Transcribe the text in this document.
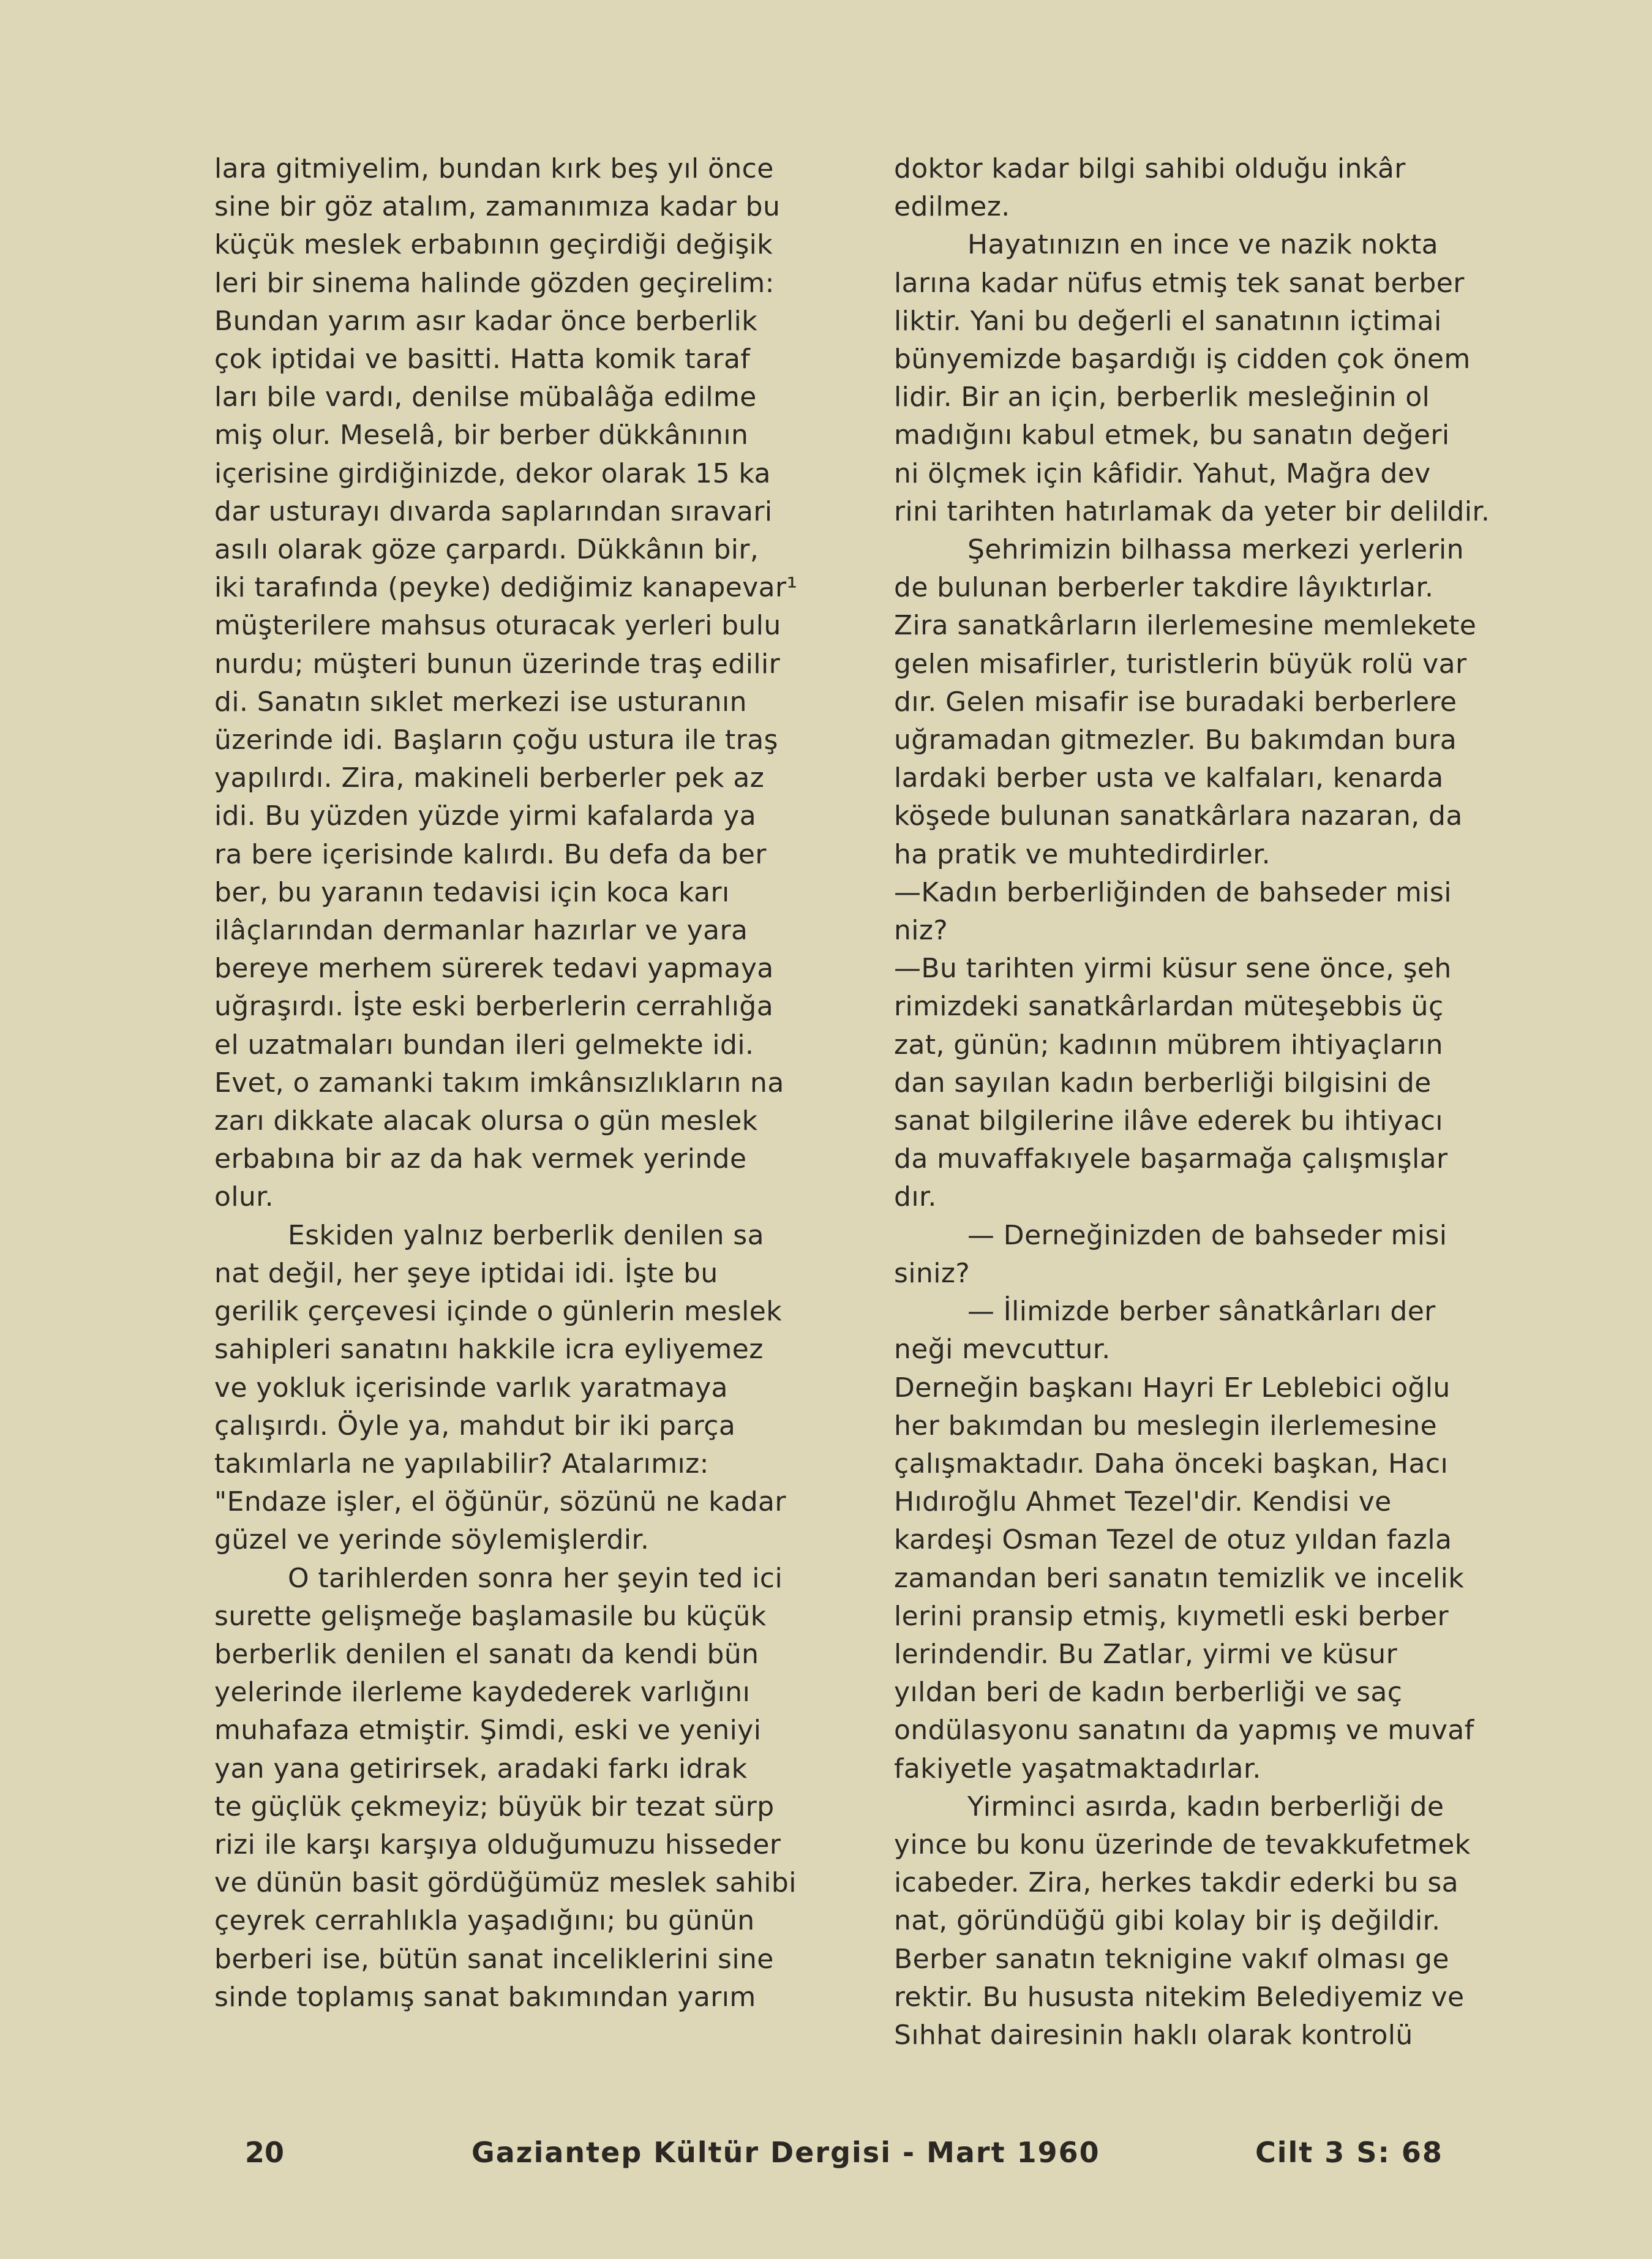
lara gitmiyelim, bundan kırk beş yıl önce
sine bir göz atalım, zamanımıza kadar bu
küçük meslek erbabının geçirdiği değişik
leri bir sinema halinde gözden geçirelim:
Bundan yarım asır kadar önce berberlik
çok iptidai ve basitti. Hatta komik taraf
ları bile vardı, denilse mübalâğa edilme
miş olur. Meselâ, bir berber dükkânının
içerisine girdiğinizde, dekor olarak 15 ka
dar usturayı dıvarda saplarından sıravari
asılı olarak göze çarpardı. Dükkânın bir,
iki tarafında (peyke) dediğimiz kanapevar¹
müşterilere mahsus oturacak yerleri bulu
nurdu; müşteri bunun üzerinde traş edilir
di. Sanatın sıklet merkezi ise usturanın
üzerinde idi. Başların çoğu ustura ile traş
yapılırdı. Zira, makineli berberler pek az
idi. Bu yüzden yüzde yirmi kafalarda ya
ra bere içerisinde kalırdı. Bu defa da ber
ber, bu yaranın tedavisi için koca karı
ilâçlarından dermanlar hazırlar ve yara
bereye merhem sürerek tedavi yapmaya
uğraşırdı. İşte eski berberlerin cerrahlığa
el uzatmaları bundan ileri gelmekte idi.
Evet, o zamanki takım imkânsızlıkların na
zarı dikkate alacak olursa o gün meslek
erbabına bir az da hak vermek yerinde
olur.
Eskiden yalnız berberlik denilen sa
nat değil, her şeye iptidai idi. İşte bu
gerilik çerçevesi içinde o günlerin meslek
sahipleri sanatını hakkile icra eyliyemez
ve yokluk içerisinde varlık yaratmaya
çalışırdı. Öyle ya, mahdut bir iki parça
takımlarla ne yapılabilir? Atalarımız:
"Endaze işler, el öğünür, sözünü ne kadar
güzel ve yerinde söylemişlerdir.
O tarihlerden sonra her şeyin ted ici
surette gelişmeğe başlamasile bu küçük
berberlik denilen el sanatı da kendi bün
yelerinde ilerleme kaydederek varlığını
muhafaza etmiştir. Şimdi, eski ve yeniyi
yan yana getirirsek, aradaki farkı idrak
te güçlük çekmeyiz; büyük bir tezat sürp
rizi ile karşı karşıya olduğumuzu hisseder
ve dünün basit gördüğümüz meslek sahibi
çeyrek cerrahlıkla yaşadığını; bu günün
berberi ise, bütün sanat inceliklerini sine
sinde toplamış sanat bakımından yarım
doktor kadar bilgi sahibi olduğu inkâr
edilmez.
Hayatınızın en ince ve nazik nokta
larına kadar nüfus etmiş tek sanat berber
liktir. Yani bu değerli el sanatının içtimai
bünyemizde başardığı iş cidden çok önem
lidir. Bir an için, berberlik mesleğinin ol
madığını kabul etmek, bu sanatın değeri
ni ölçmek için kâfidir. Yahut, Mağra dev
rini tarihten hatırlamak da yeter bir delildir.
Şehrimizin bilhassa merkezi yerlerin
de bulunan berberler takdire lâyıktırlar.
Zira sanatkârların ilerlemesine memlekete
gelen misafirler, turistlerin büyük rolü var
dır. Gelen misafir ise buradaki berberlere
uğramadan gitmezler. Bu bakımdan bura
lardaki berber usta ve kalfaları, kenarda
köşede bulunan sanatkârlara nazaran, da
ha pratik ve muhtedirdirler.
—Kadın berberliğinden de bahseder misi
niz?
—Bu tarihten yirmi küsur sene önce, şeh
rimizdeki sanatkârlardan müteşebbis üç
zat, günün; kadının mübrem ihtiyaçların
dan sayılan kadın berberliği bilgisini de
sanat bilgilerine ilâve ederek bu ihtiyacı
da muvaffakıyele başarmağa çalışmışlar
dır.
— Derneğinizden de bahseder misi
siniz?
— İlimizde berber sânatkârları der
neği mevcuttur.
Derneğin başkanı Hayri Er Leblebici oğlu
her bakımdan bu meslegin ilerlemesine
çalışmaktadır. Daha önceki başkan, Hacı
Hıdıroğlu Ahmet Tezel'dir. Kendisi ve
kardeşi Osman Tezel de otuz yıldan fazla
zamandan beri sanatın temizlik ve incelik
lerini pransip etmiş, kıymetli eski berber
lerindendir. Bu Zatlar, yirmi ve küsur
yıldan beri de kadın berberliği ve saç
ondülasyonu sanatını da yapmış ve muvaf
fakiyetle yaşatmaktadırlar.
Yirminci asırda, kadın berberliği de
yince bu konu üzerinde de tevakkufetmek
icabeder. Zira, herkes takdir ederki bu sa
nat, göründüğü gibi kolay bir iş değildir.
Berber sanatın teknigine vakıf olması ge
rektir. Bu hususta nitekim Belediyemiz ve
Sıhhat dairesinin haklı olarak kontrolü
20	Gaziantep Kültür Dergisi - Mart 1960	Cilt 3 S: 68
